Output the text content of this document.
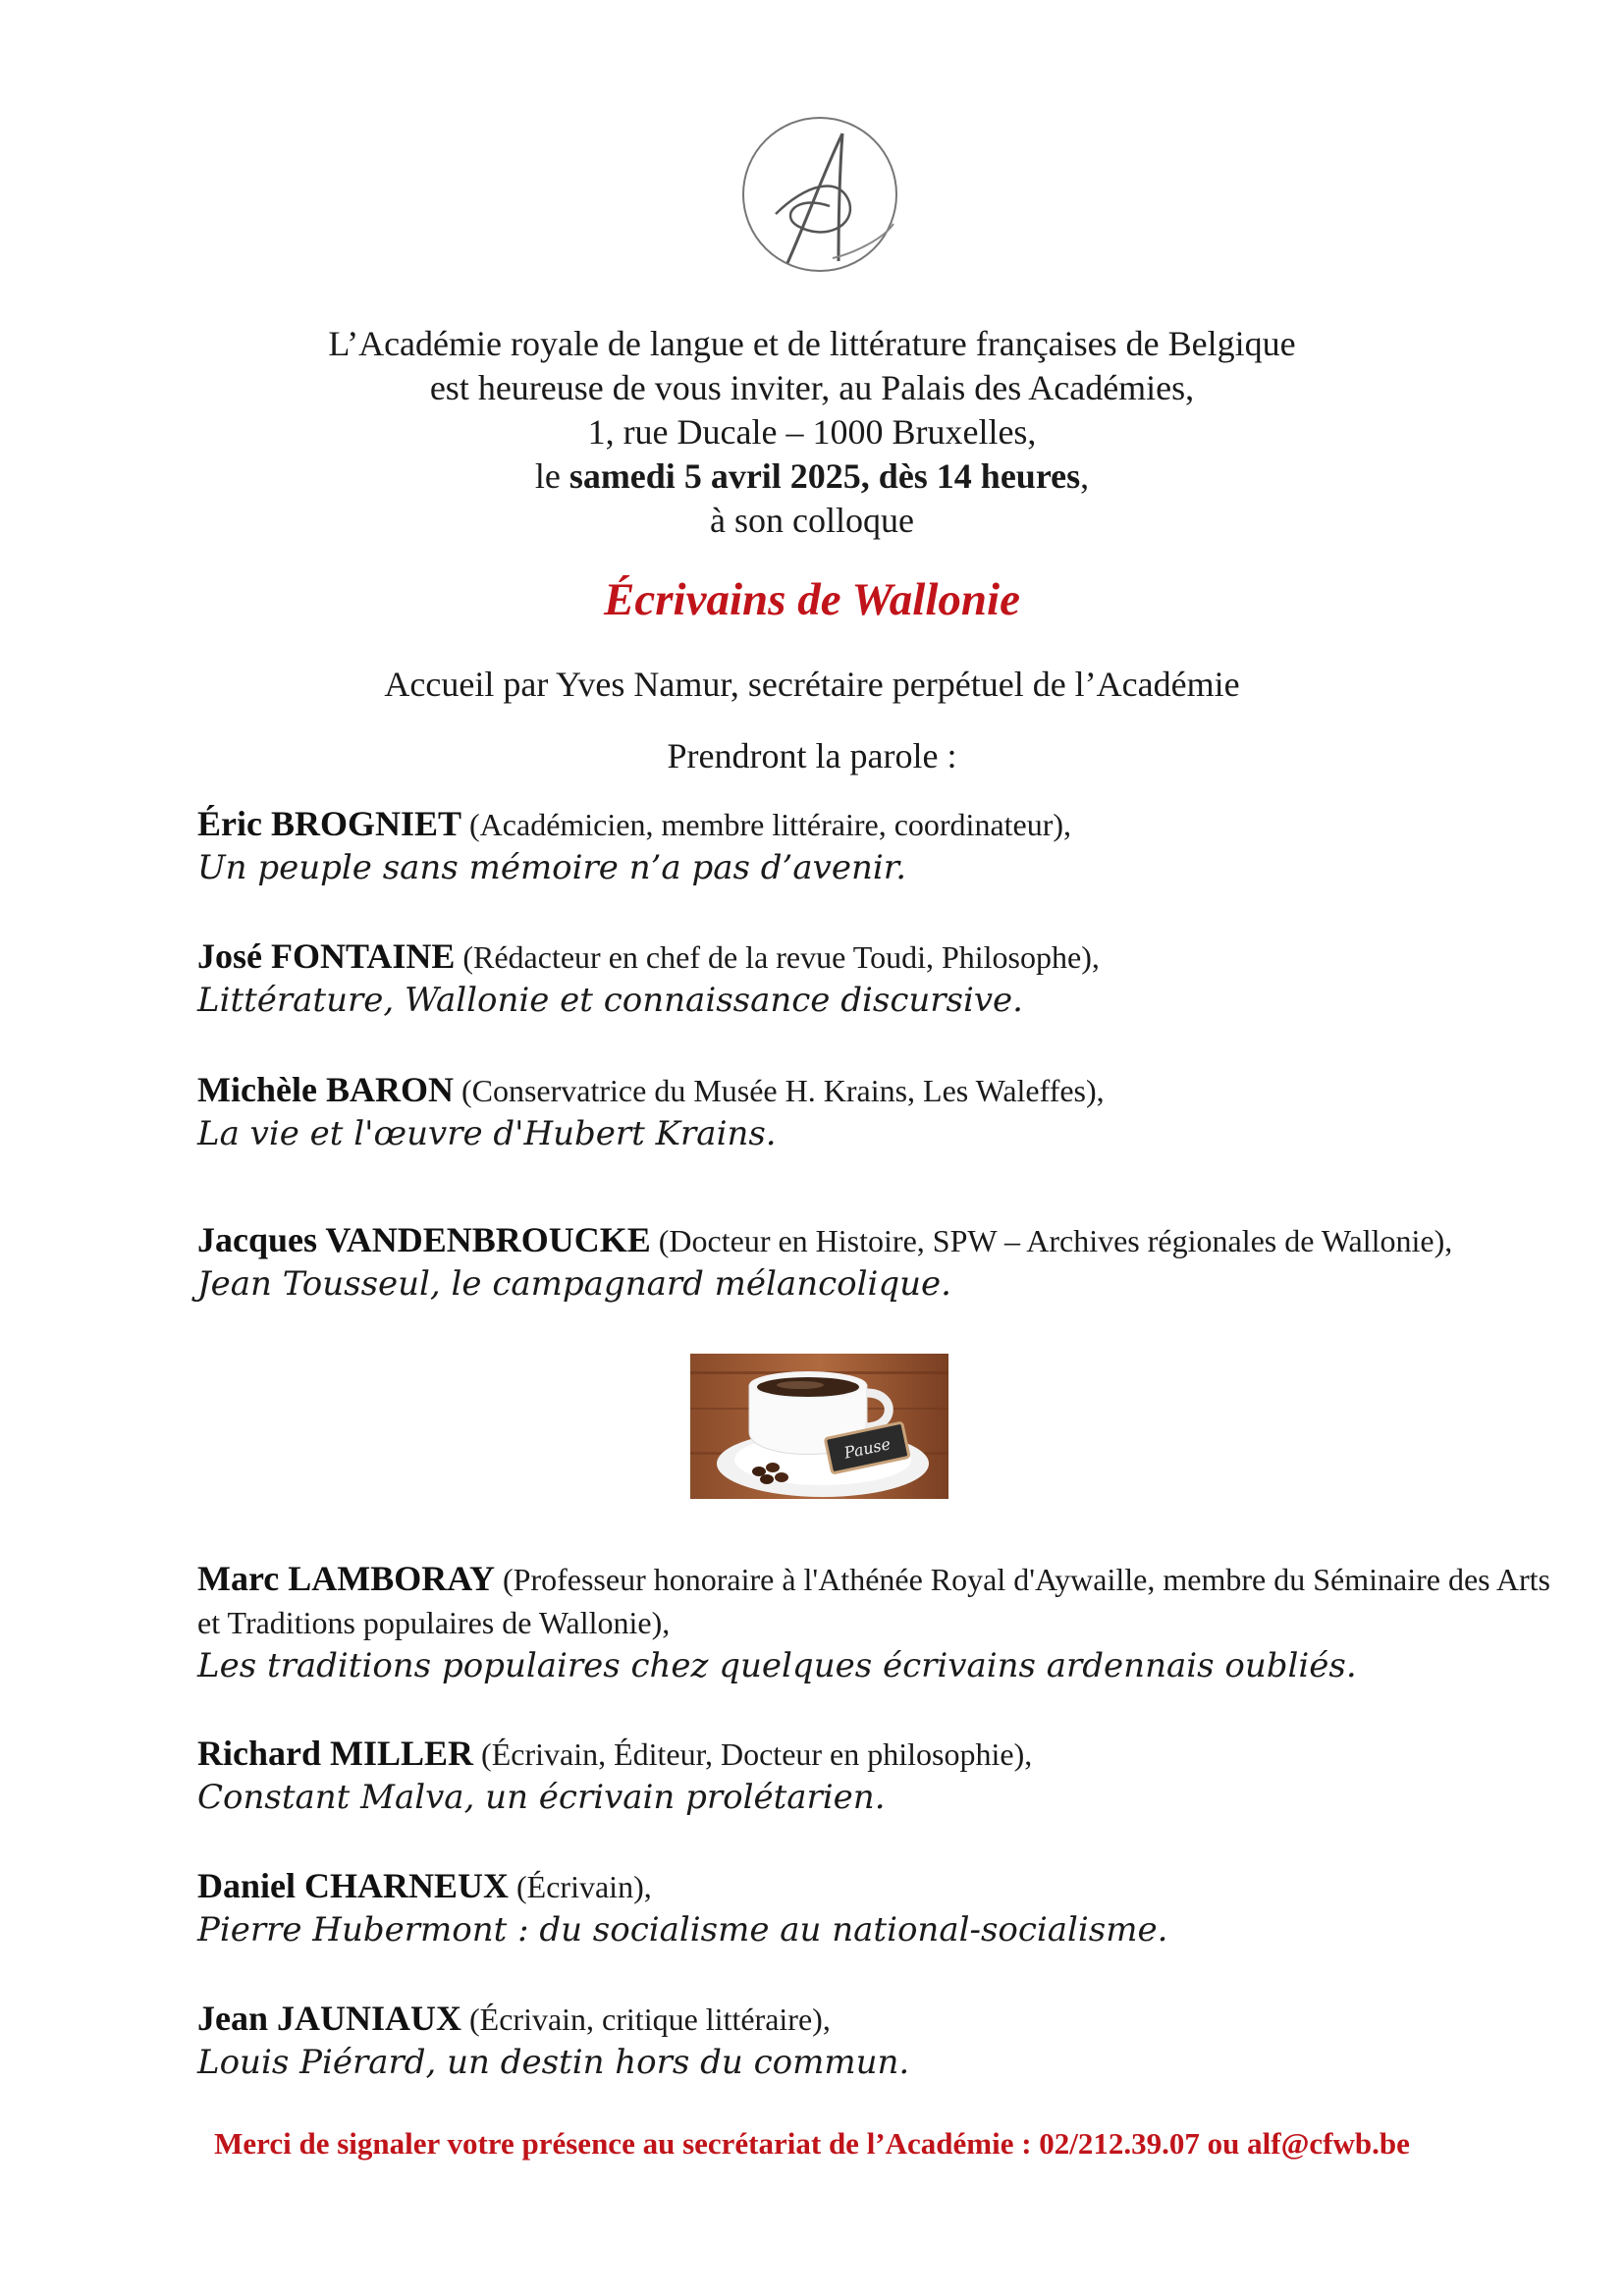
L’Académie royale de langue et de littérature françaises de Belgique

est heureuse de vous inviter, au Palais des Académies,

1, rue Ducale – 1000 Bruxelles,

le samedi 5 avril 2025, dès 14 heures,

à son colloque

Écrivains de Wallonie
Accueil par Yves Namur, secrétaire perpétuel de l’Académie
Prendront la parole :
Éric BROGNIET (Académicien, membre littéraire, coordinateur),
Un peuple sans mémoire n’a pas d’avenir.
José FONTAINE (Rédacteur en chef de la revue Toudi, Philosophe),
Littérature, Wallonie et connaissance discursive.
Michèle BARON (Conservatrice du Musée H. Krains, Les Waleffes),
La vie et l'œuvre d'Hubert Krains.
Jacques VANDENBROUCKE (Docteur en Histoire, SPW – Archives régionales de Wallonie),
Jean Tousseul, le campagnard mélancolique.
Pause
Marc LAMBORAY (Professeur honoraire à l'Athénée Royal d'Aywaille, membre du Séminaire des Arts et Traditions populaires de Wallonie),
Les traditions populaires chez quelques écrivains ardennais oubliés.
Richard MILLER (Écrivain, Éditeur, Docteur en philosophie),
Constant Malva, un écrivain prolétarien.
Daniel CHARNEUX (Écrivain),
Pierre Hubermont : du socialisme au national-socialisme.
Jean JAUNIAUX (Écrivain, critique littéraire),
Louis Piérard, un destin hors du commun.
Merci de signaler votre présence au secrétariat de l’Académie : 02/212.39.07 ou alf@cfwb.be
